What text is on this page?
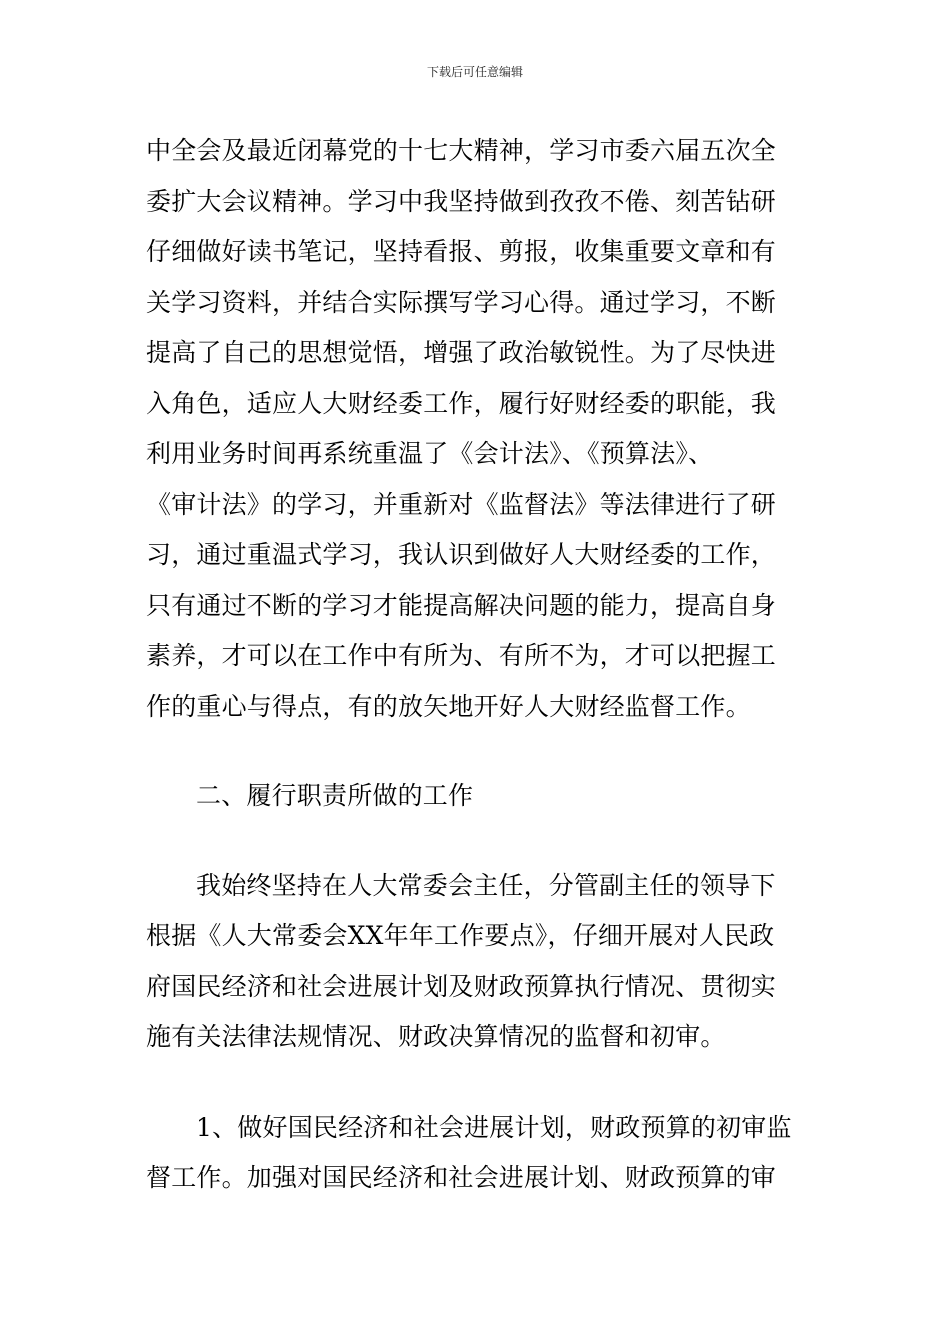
下载后可任意编辑
中全会及最近闭幕党的十七大精神，学习市委六届五次全
委扩大会议精神。学习中我坚持做到孜孜不倦、刻苦钻研
仔细做好读书笔记，坚持看报、剪报，收集重要文章和有
关学习资料，并结合实际撰写学习心得。通过学习，不断
提高了自己的思想觉悟，增强了政治敏锐性。为了尽快进
入角色，适应人大财经委工作，履行好财经委的职能，我
利用业务时间再系统重温了《会计法》、《预算法》、
《审计法》的学习，并重新对《监督法》等法律进行了研
习，通过重温式学习，我认识到做好人大财经委的工作，
只有通过不断的学习才能提高解决问题的能力，提高自身
素养，才可以在工作中有所为、有所不为，才可以把握工
作的重心与得点，有的放矢地开好人大财经监督工作。
二、履行职责所做的工作
我始终坚持在人大常委会主任，分管副主任的领导下
根据《人大常委会XX年年工作要点》，仔细开展对人民政
府国民经济和社会进展计划及财政预算执行情况、贯彻实
施有关法律法规情况、财政决算情况的监督和初审。
1、做好国民经济和社会进展计划，财政预算的初审监
督工作。加强对国民经济和社会进展计划、财政预算的审
